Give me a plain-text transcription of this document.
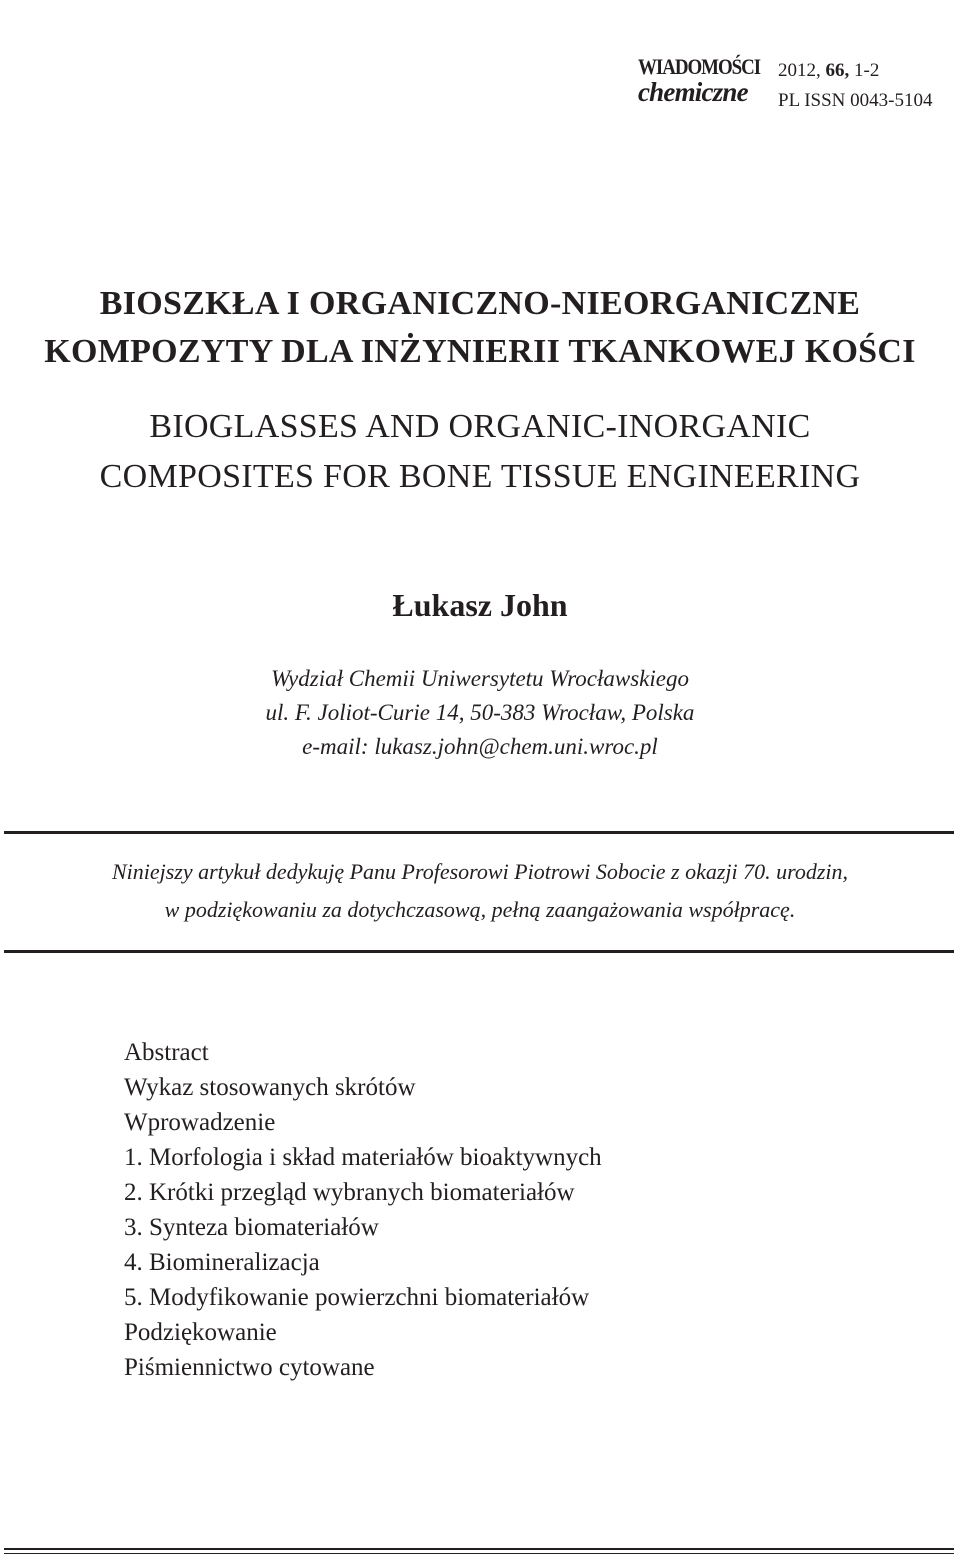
WIADOMOŚCI
chemiczne
2012, 66, 1-2
PL ISSN 0043-5104
BIOSZKŁA I ORGANICZNO-NIEORGANICZNE
KOMPOZYTY DLA INŻYNIERII TKANKOWEJ KOŚCI
BIOGLASSES AND ORGANIC-INORGANIC
COMPOSITES FOR BONE TISSUE ENGINEERING
Łukasz John
Wydział Chemii Uniwersytetu Wrocławskiego
ul. F. Joliot-Curie 14, 50-383 Wrocław, Polska
e-mail: lukasz.john@chem.uni.wroc.pl
Niniejszy artykuł dedykuję Panu Profesorowi Piotrowi Sobocie z okazji 70. urodzin,
w podziękowaniu za dotychczasową, pełną zaangażowania współpracę.
Abstract
Wykaz stosowanych skrótów
Wprowadzenie
1. Morfologia i skład materiałów bioaktywnych
2. Krótki przegląd wybranych biomateriałów
3. Synteza biomateriałów
4. Biomineralizacja
5. Modyfikowanie powierzchni biomateriałów
Podziękowanie
Piśmiennictwo cytowane
